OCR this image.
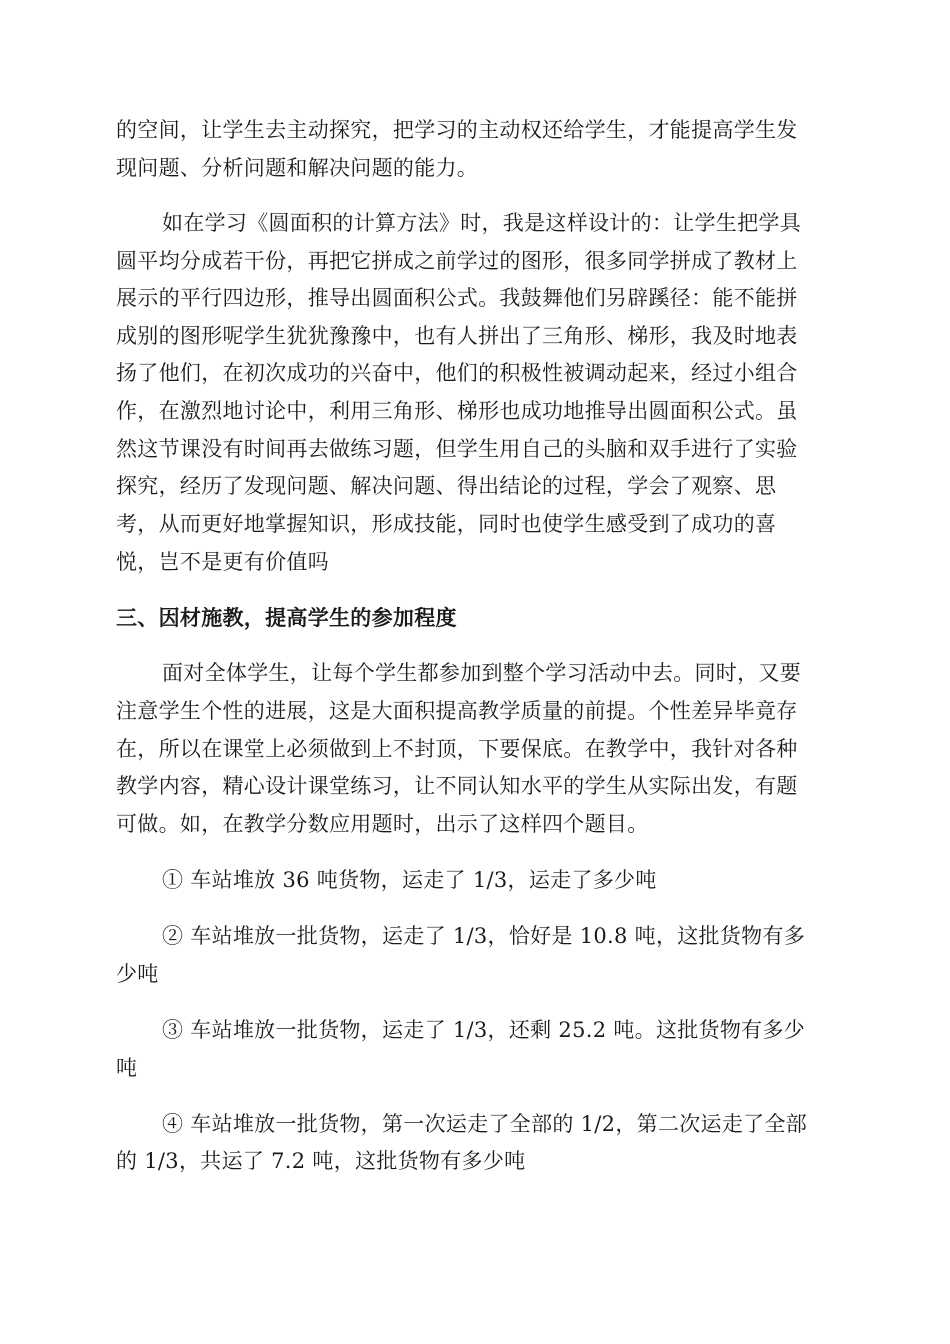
的空间，让学生去主动探究，把学习的主动权还给学生，才能提高学生发
现问题、分析问题和解决问题的能力。
如在学习《圆面积的计算方法》时，我是这样设计的：让学生把学具
圆平均分成若干份，再把它拼成之前学过的图形，很多同学拼成了教材上
展示的平行四边形，推导出圆面积公式。我鼓舞他们另辟蹊径：能不能拼
成别的图形呢学生犹犹豫豫中，也有人拼出了三角形、梯形，我及时地表
扬了他们，在初次成功的兴奋中，他们的积极性被调动起来，经过小组合
作，在激烈地讨论中，利用三角形、梯形也成功地推导出圆面积公式。虽
然这节课没有时间再去做练习题，但学生用自己的头脑和双手进行了实验
探究，经历了发现问题、解决问题、得出结论的过程，学会了观察、思
考，从而更好地掌握知识，形成技能，同时也使学生感受到了成功的喜
悦，岂不是更有价值吗
三、因材施教，提高学生的参加程度
面对全体学生，让每个学生都参加到整个学习活动中去。同时，又要
注意学生个性的进展，这是大面积提高教学质量的前提。个性差异毕竟存
在，所以在课堂上必须做到上不封顶，下要保底。在教学中，我针对各种
教学内容，精心设计课堂练习，让不同认知水平的学生从实际出发，有题
可做。如，在教学分数应用题时，出示了这样四个题目。
① 车站堆放 36 吨货物，运走了 1/3，运走了多少吨
② 车站堆放一批货物，运走了 1/3，恰好是 10.8 吨，这批货物有多
少吨
③ 车站堆放一批货物，运走了 1/3，还剩 25.2 吨。这批货物有多少
吨
④ 车站堆放一批货物，第一次运走了全部的 1/2，第二次运走了全部
的 1/3，共运了 7.2 吨，这批货物有多少吨
